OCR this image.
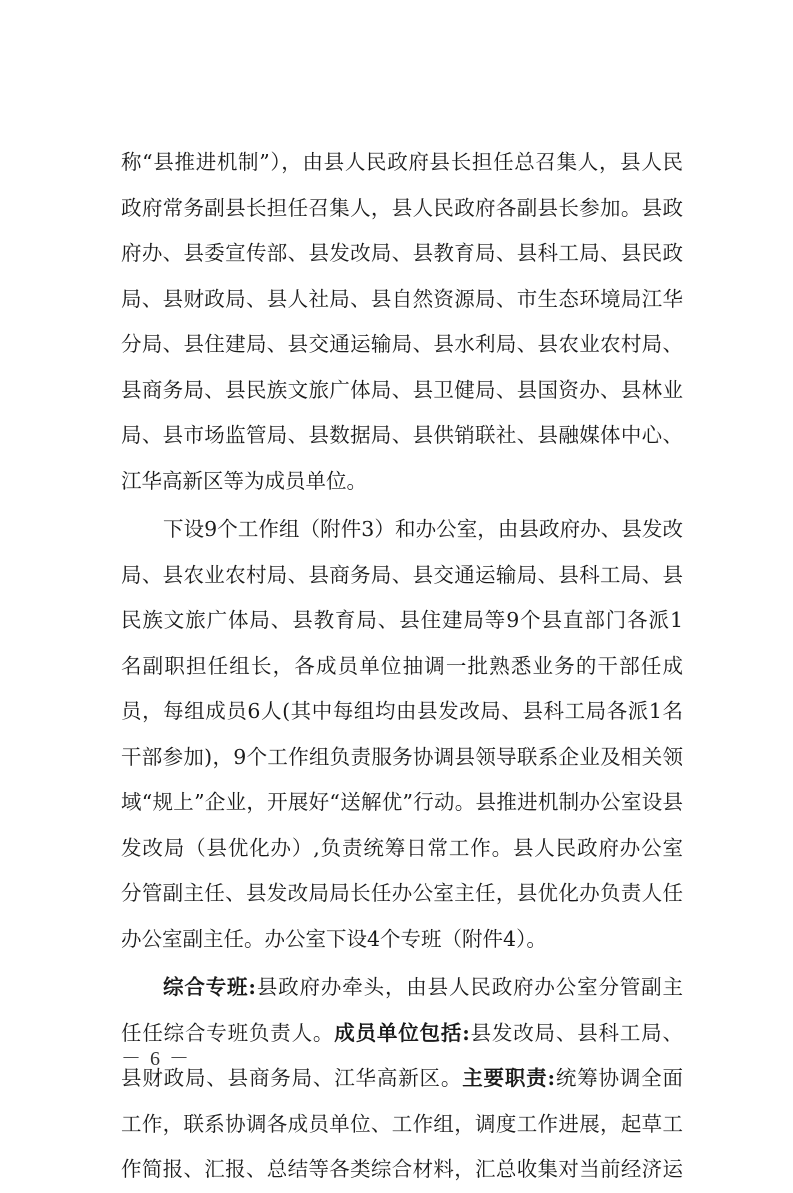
称“县推进机制”），由县人民政府县长担任总召集人，县人民
政府常务副县长担任召集人，县人民政府各副县长参加。县政
府办、县委宣传部、县发改局、县教育局、县科工局、县民政
局、县财政局、县人社局、县自然资源局、市生态环境局江华
分局、县住建局、县交通运输局、县水利局、县农业农村局、
县商务局、县民族文旅广体局、县卫健局、县国资办、县林业
局、县市场监管局、县数据局、县供销联社、县融媒体中心、
江华高新区等为成员单位。
下设9个工作组（附件3）和办公室，由县政府办、县发改
局、县农业农村局、县商务局、县交通运输局、县科工局、县
民族文旅广体局、县教育局、县住建局等9个县直部门各派1
名副职担任组长，各成员单位抽调一批熟悉业务的干部任成
员，每组成员6人(其中每组均由县发改局、县科工局各派1名
干部参加)，9个工作组负责服务协调县领导联系企业及相关领
域“规上”企业，开展好“送解优”行动。县推进机制办公室设县
发改局（县优化办）,负责统筹日常工作。县人民政府办公室
分管副主任、县发改局局长任办公室主任，县优化办负责人任
办公室副主任。办公室下设4个专班（附件4）。
综合专班:县政府办牵头，由县人民政府办公室分管副主
任任综合专班负责人。成员单位包括:县发改局、县科工局、
县财政局、县商务局、江华高新区。主要职责:统筹协调全面
工作，联系协调各成员单位、工作组，调度工作进展，起草工
作简报、汇报、总结等各类综合材料，汇总收集对当前经济运
－ 6 －
